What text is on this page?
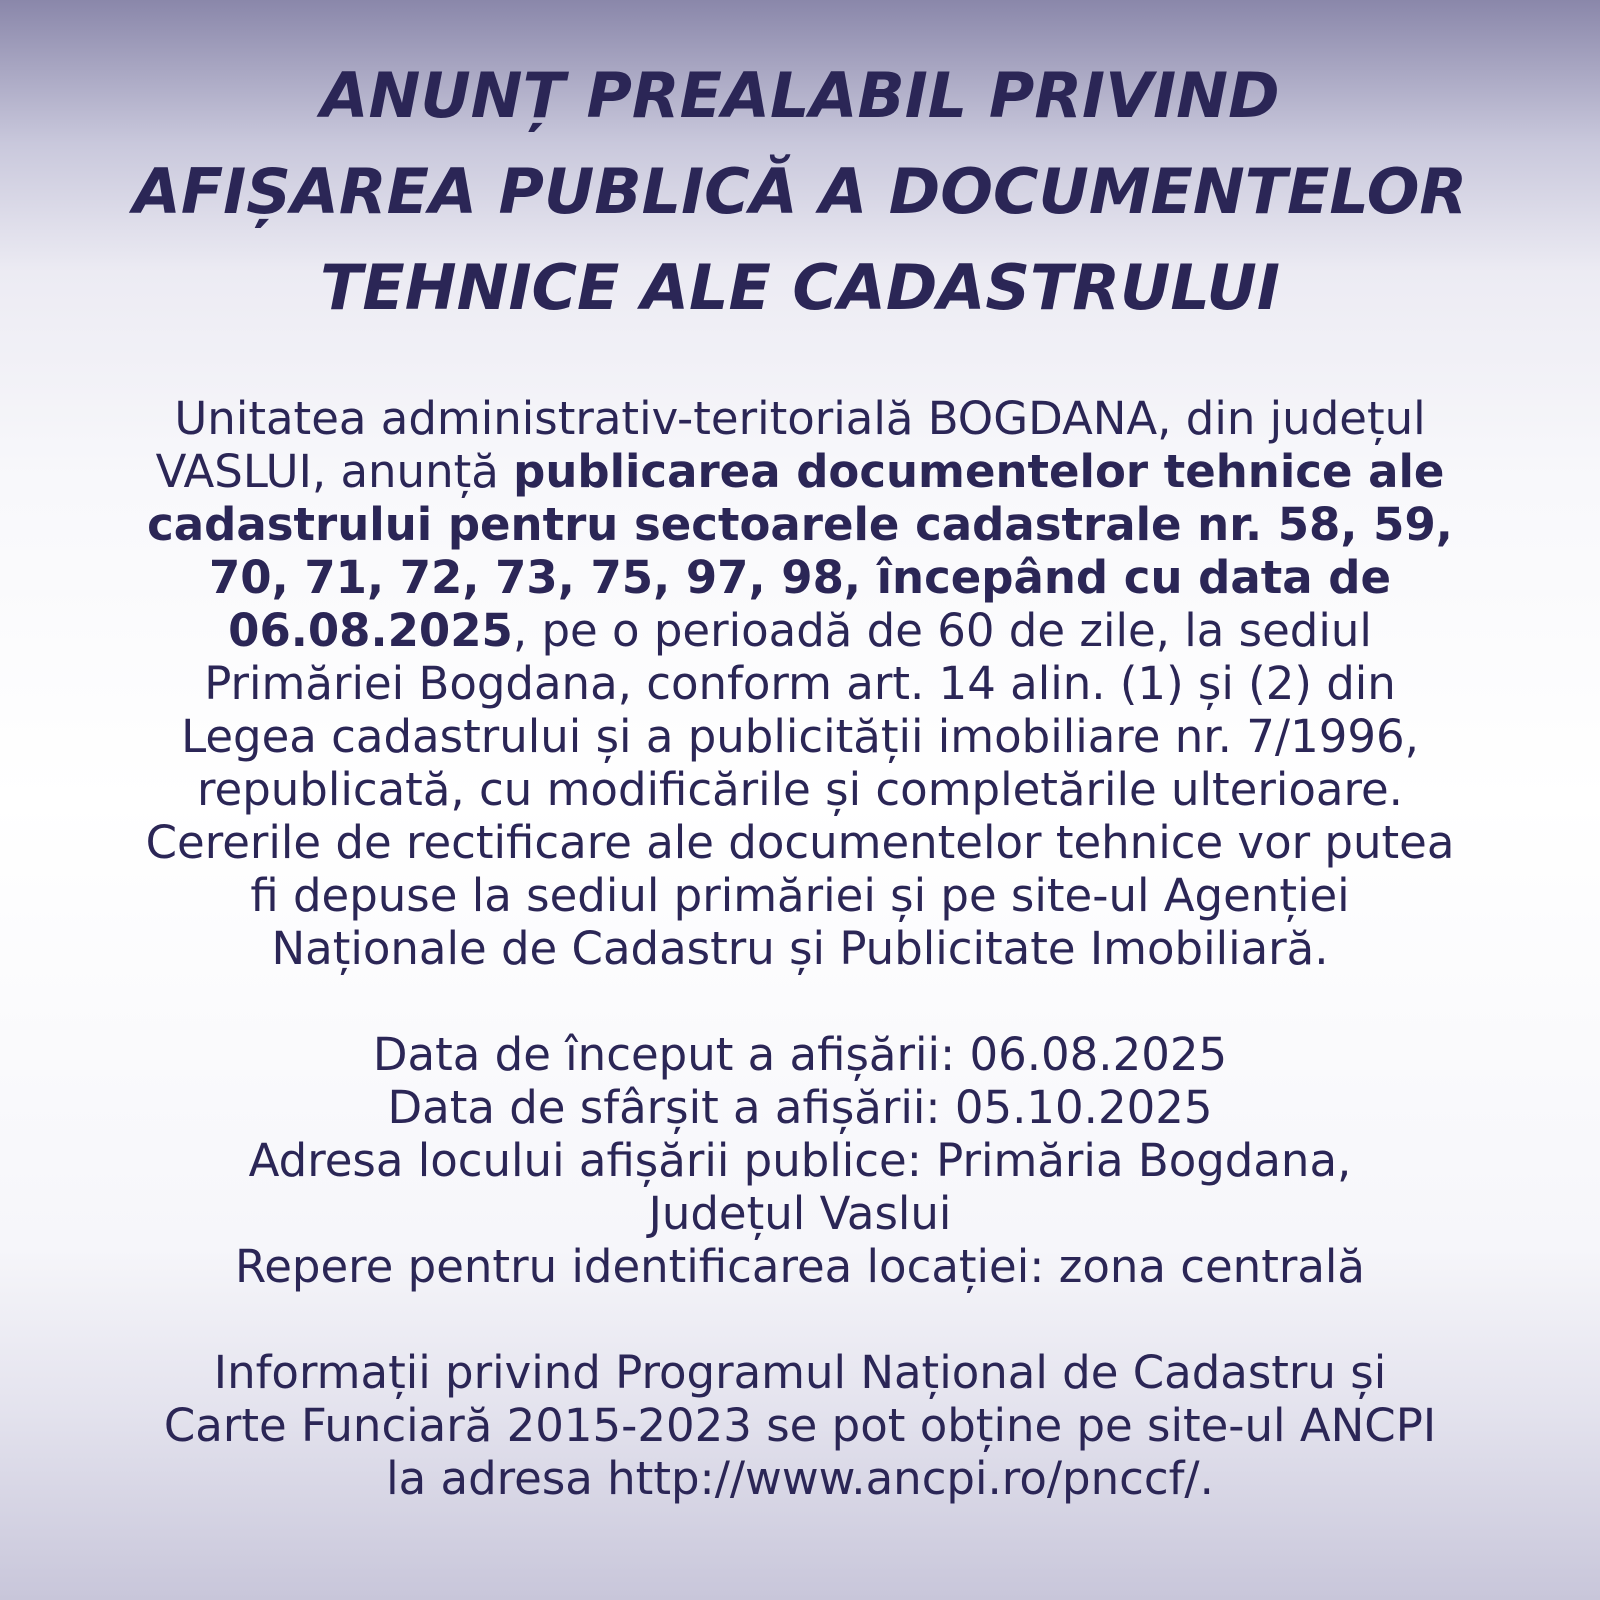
ANUNȚ PREALABIL PRIVIND
AFIȘAREA PUBLICĂ A DOCUMENTELOR
TEHNICE ALE CADASTRULUI
Unitatea administrativ-teritorială BOGDANA, din județul
VASLUI, anunță publicarea documentelor tehnice ale
cadastrului pentru sectoarele cadastrale nr. 58, 59,
70, 71, 72, 73, 75, 97, 98, începând cu data de
06.08.2025, pe o perioadă de 60 de zile, la sediul
Primăriei Bogdana, conform art. 14 alin. (1) și (2) din
Legea cadastrului și a publicității imobiliare nr. 7/1996,
republicată, cu modificările și completările ulterioare.
Cererile de rectificare ale documentelor tehnice vor putea
fi depuse la sediul primăriei și pe site-ul Agenției
Naționale de Cadastru și Publicitate Imobiliară.
Data de început a afișării: 06.08.2025
Data de sfârșit a afișării: 05.10.2025
Adresa locului afișării publice: Primăria Bogdana,
Județul Vaslui
Repere pentru identificarea locației: zona centrală
Informații privind Programul Național de Cadastru și
Carte Funciară 2015-2023 se pot obține pe site-ul ANCPI
la adresa http://www.ancpi.ro/pnccf/.
